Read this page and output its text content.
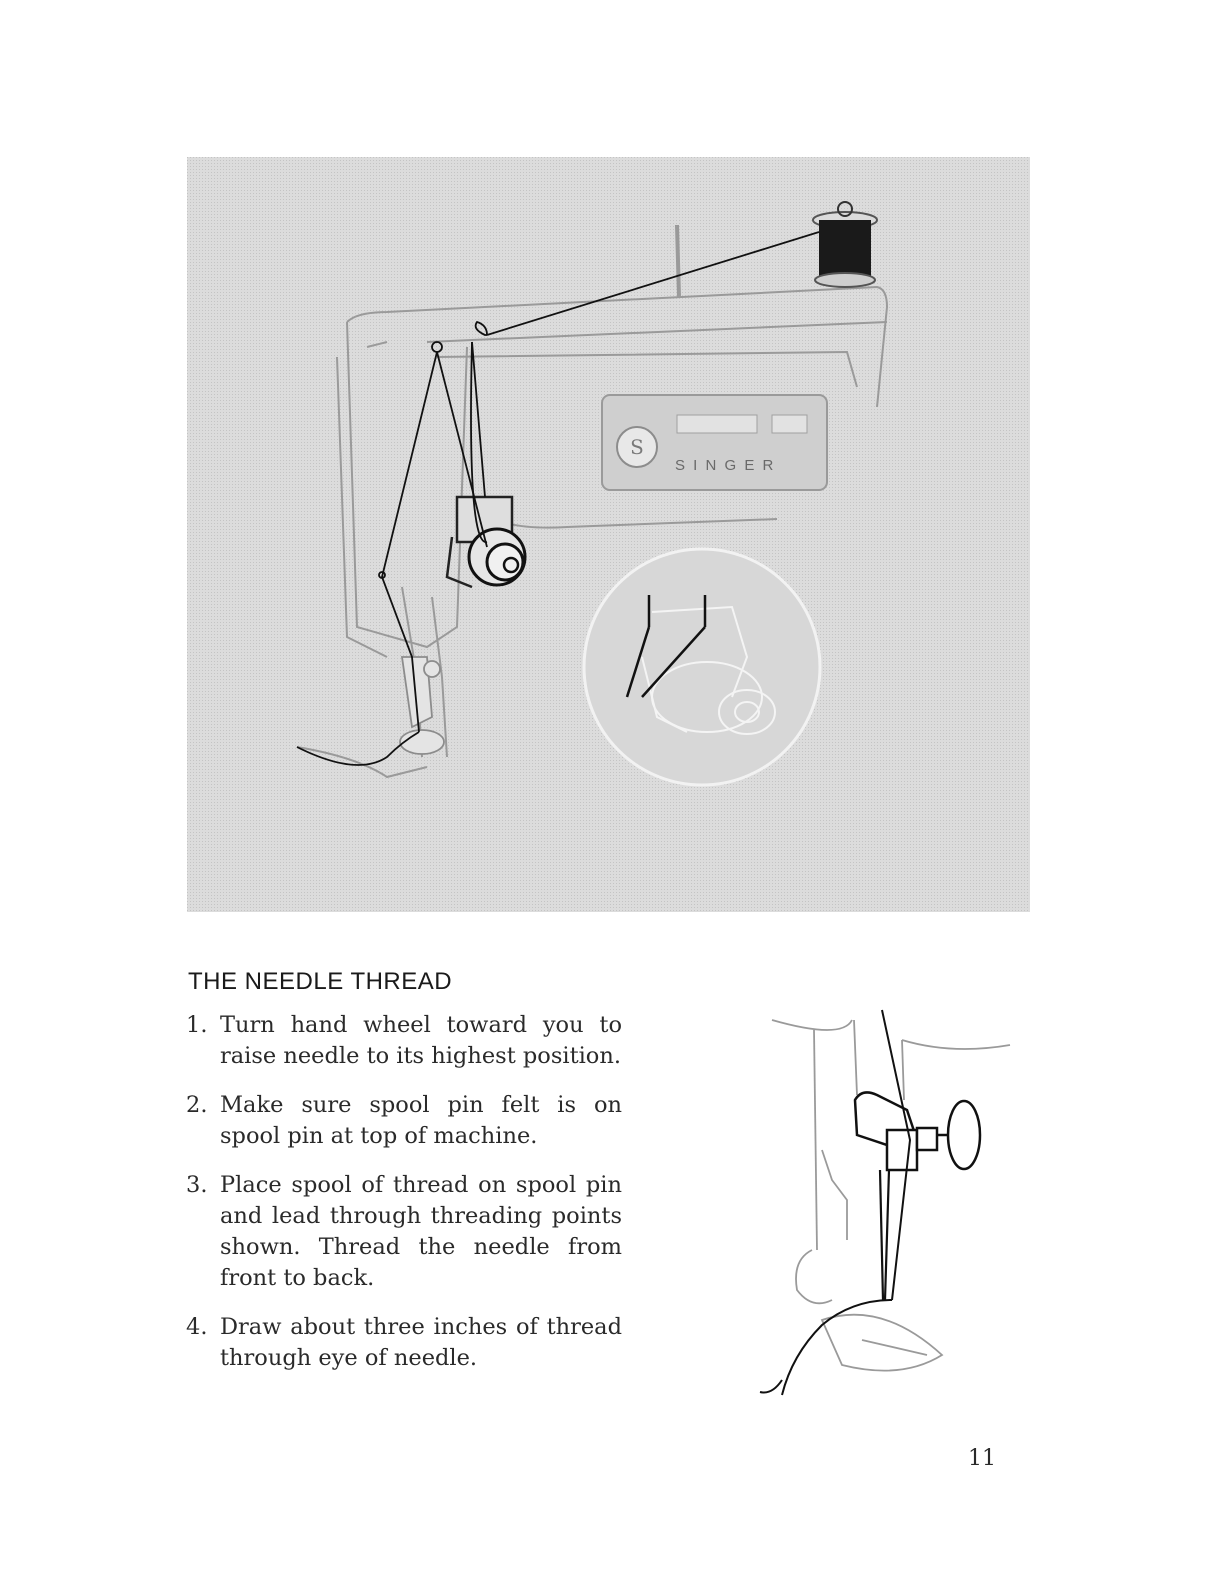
S
S I N G E R
THE NEEDLE THREAD
1. Turn hand wheel toward you to raise needle to its highest position.
2. Make sure spool pin felt is on spool pin at top of machine.
3. Place spool of thread on spool pin and lead through threading points shown. Thread the needle from front to back.
4. Draw about three inches of thread through eye of needle.
11
